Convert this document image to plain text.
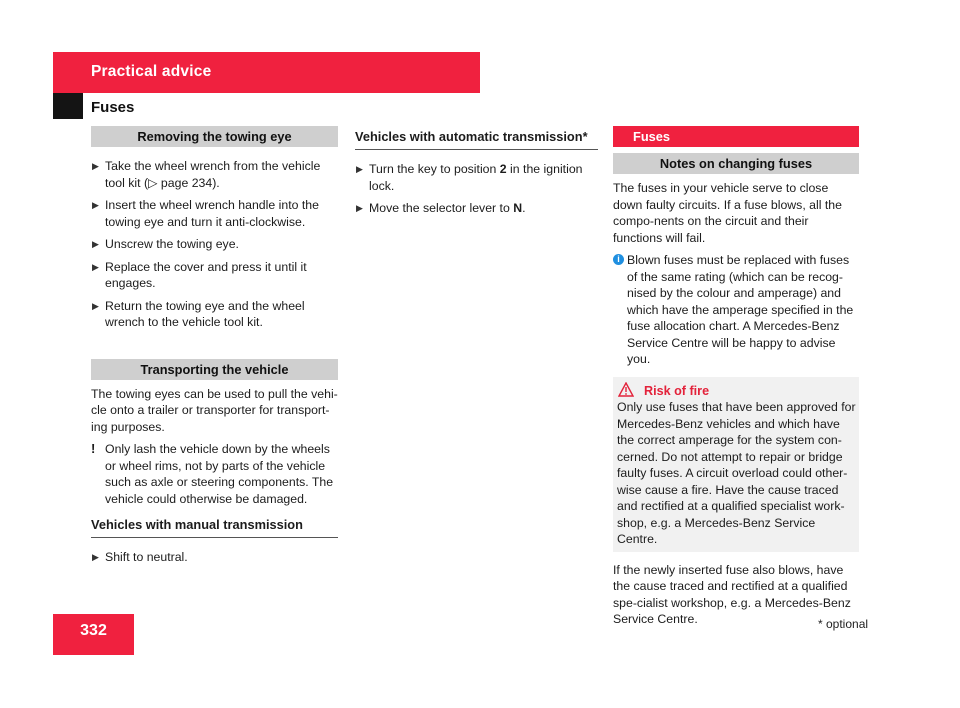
Practical advice
Fuses
Removing the towing eye
▶ Take the wheel wrench from the vehicle tool kit (▷ page 234).
▶ Insert the wheel wrench handle into the towing eye and turn it anti-clockwise.
▶ Unscrew the towing eye.
▶ Replace the cover and press it until it engages.
▶ Return the towing eye and the wheel wrench to the vehicle tool kit.
Transporting the vehicle
The towing eyes can be used to pull the vehi-cle onto a trailer or transporter for transport-ing purposes.
! Only lash the vehicle down by the wheels or wheel rims, not by parts of the vehicle such as axle or steering components. The vehicle could otherwise be damaged.
Vehicles with manual transmission
▶ Shift to neutral.
Vehicles with automatic transmission*
▶ Turn the key to position 2 in the ignition lock.
▶ Move the selector lever to N.
Fuses
Notes on changing fuses
The fuses in your vehicle serve to close down faulty circuits. If a fuse blows, all the compo-nents on the circuit and their functions will fail.
i Blown fuses must be replaced with fuses of the same rating (which can be recog-nised by the colour and amperage) and which have the amperage specified in the fuse allocation chart. A Mercedes-Benz Service Centre will be happy to advise you.
Risk of fire
Only use fuses that have been approved for Mercedes-Benz vehicles and which have the correct amperage for the system con-cerned. Do not attempt to repair or bridge faulty fuses. A circuit overload could other-wise cause a fire. Have the cause traced and rectified at a qualified specialist work-shop, e.g. a Mercedes-Benz Service Centre.
If the newly inserted fuse also blows, have the cause traced and rectified at a qualified spe-cialist workshop, e.g. a Mercedes-Benz Service Centre.
332	* optional
